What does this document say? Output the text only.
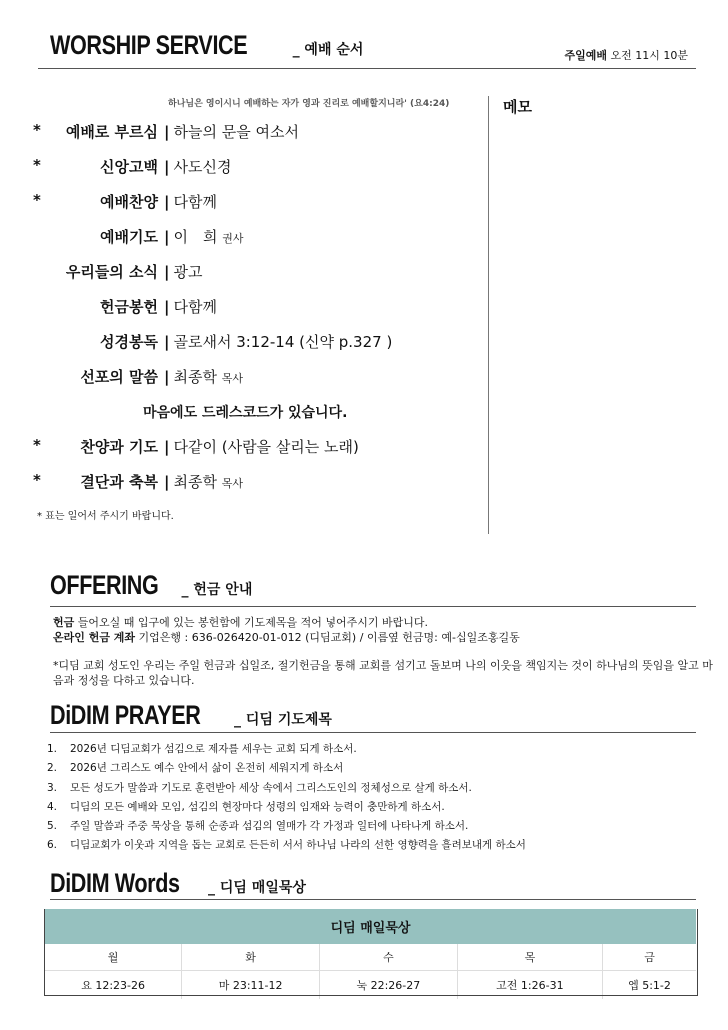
WORSHIP SERVICE	_ 예배 순서	주일예배 오전 11시 10분
하나님은 영이시니 예배하는 자가 영과 진리로 예배할지니라' (요4:24)	메모
* 예배로 부르심 | 하늘의 문을 여소서
*	신앙고백 | 사도신경
*	예배찬양 | 다함께
예배기도 | 이　희 권사
우리들의 소식 | 광고
헌금봉헌 | 다함께
성경봉독 | 골로새서 3:12-14 (신약 p.327 )
선포의 말씀 | 최종학 목사
*	찬양과 기도 | 다같이 (사람을 살리는 노래)
*	결단과 축복 | 최종학 목사
마음에도 드레스코드가 있습니다.
* 표는 일어서 주시기 바랍니다.
OFFERING _ 헌금 안내
헌금 들어오실 때 입구에 있는 봉헌함에 기도제목을 적어 넣어주시기 바랍니다.
온라인 헌금 계좌 기업은행 : 636-026420-01-012 (디딤교회) / 이름옆 헌금명: 예-십일조홍길동
*디딤 교회 성도인 우리는 주일 헌금과 십일조, 절기헌금을 통해 교회를 섬기고 돌보며 나의 이웃을 책임지는 것이 하나님의 뜻임을 알고 마음과 정성을 다하고 있습니다.
DiDIM PRAYER _ 디딤 기도제목
1. 2026년 디딤교회가 섬김으로 제자를 세우는 교회 되게 하소서.
2. 2026년 그리스도 예수 안에서 삶이 온전히 세워지게 하소서
3. 모든 성도가 말씀과 기도로 훈련받아 세상 속에서 그리스도인의 정체성으로 살게 하소서.
4. 디딤의 모든 예배와 모임, 섬김의 현장마다 성령의 임재와 능력이 충만하게 하소서.
5. 주일 말씀과 주중 묵상을 통해 순종과 섬김의 열매가 각 가정과 일터에 나타나게 하소서.
6. 디딤교회가 이웃과 지역을 돕는 교회로 든든히 서서 하나님 나라의 선한 영향력을 흘려보내게 하소서
DiDIM Words _ 디딤 매일묵상
디딤 매일묵상				
월	화	수	목	금
요 12:23-26	마 23:11-12	눅 22:26-27	고전 1:26-31	엡 5:1-2
